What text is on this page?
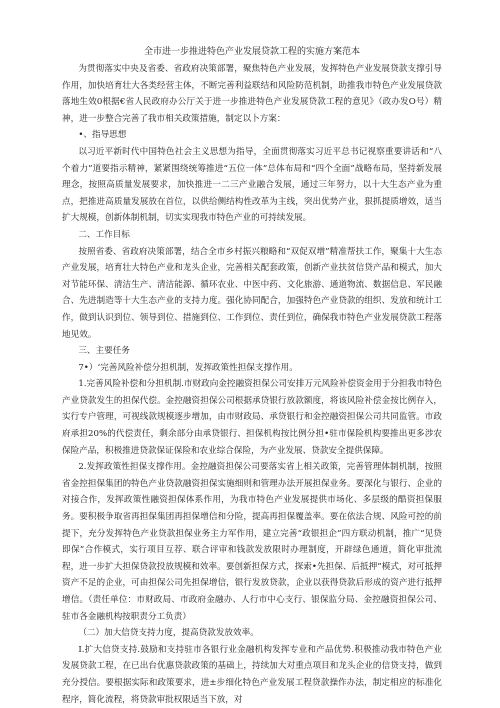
全市进一步推进特色产业发展贷款工程的实施方案范本

为贯彻落实中央及省委、省政府决策部署，聚焦特色产业发展，发挥特色产业发展贷款支撑引导作用，加快培育壮大各类经营主体，不断完善利益联结和风险防范机制，助推我市特色产业发展贷款落地生效0根据€省人民政府办公厅关于进一步推进特色产业发展贷款工程的意见》（政办发O号）精神，进一步整合完善了我市相关政策措施，制定以卜方案：

•、指导思想

以习近平新时代中国特色社会主义思想为指导，全面贯彻落实习近平总书记视察重要讲话和“八个着力”道要指示精神，紧紧围绕统筹推进“五位一体”总体布局和“四个全面”战略布局，坚持新发展理念，按照高质量发展要求，加快推进一二三产业融合发展，通过三年努力，以十大生态产业为重点，把推进高质量发展放在首位，以供给侧结构性改革为主线，突出优势产业，狠抓提质增效，适当扩大规模，创新体制机制，切实实现我市特色产业的可持续发展。

二、工作目标

按照省委、省政府决策部署，结合全市乡村振兴粮略和“双促双增”精准帮扶工作，聚集十大生态产业发展，培育壮大特色产业和龙头企业，完善相关配套政策，创新产业扶贫信贷产品和模式，加大对节能环保、清洁生产、清洁能源、循环农业、中医中药、文化旅游、通道物流、数据信息、军民融合、先进制造等十大生态产业的支持力度。强化协同配合，加强特色产业贷款的组织、发放和统计工作，做到认识到位、领导到位、措施到位、工作到位、责任到位，确保我市特色产业发展贷款工程落地见效。

三、主要任务

7•）‘完善风险补偿分担机制，发挥政策性担保支撑作用。

1.完善风险补偿和分担机制.市财政向金控融资担保公司安排万元风险补偿资金用于分担我市特色产业贷款发生的担保代偿。金控融资担保公司根据承贷银行放款额度，将该风险补偿金按比例存入，实行专户管理，可视线款规模逐步增加，由市财政局、承贷银行和金控融资担保公司共同监管。市政府承担20%的代偿责任，剩余部分由承贷银行、担保机构按比例分担•驻市保险机构要推出更多涉农保险产品，积极推进贷款保证保险和农业综合保险，为产业发展、贷款安全提供保障。

2.发挥政策性担保支撑作用。金控融资担保公司要落实省上相关政策，完善管理体制机制，按照省金控担保集团的特色产业贷款融资担保实施细则和管理办法开展担保业务。要深化与银行、企业的对接合作，发挥政策性融资担保体系作用，为我市特色产业发展提供市场化、多层级的酷资担保服务。要积极争取省再担保集团再担保增信和分险，提高再担保覆盖率。要在依法合规、风险可控的前提下，充分发挥特色产业贷款担保业务主力军作用，建立完善“政银担企”四方联动机制，推广“见贷即保”合作模式，实行项目互荐、联合评审和钱款发放限时办理制度，开辟绿色通道，简化审批流程，进一步扩大担保贷款投放规模和效率。要创新担保方式，探索•先担保、后抵押”模式，对可抵押资产不足的企业，可由担保公司先担保增信，银行发放贷款，企业以获得贷款后形成的资产进行抵押增信。（责任单位：市财政局、市政府金融办、人行市中心支行、银保监分局、金控融资担保公司、驻市各金融机构按职责分工负责）

（二）加大信贷支持力度，提高贷款发放效率。

I.扩大信贷支持.鼓励和支持驻市各银行业金融机构发挥专业和产品优势.积极推动我市特色产业发展贷款工程，在已出台优惠贷款政策的基础上，持续加大对重点项目和龙头企业的信贷支持，做到充分授信。要根据实际和政策要求，进±步细化特色产业发展工程贷款操作办法，制定相应的标准化程序，简化流程，将贷款审批权限适当下放，对
